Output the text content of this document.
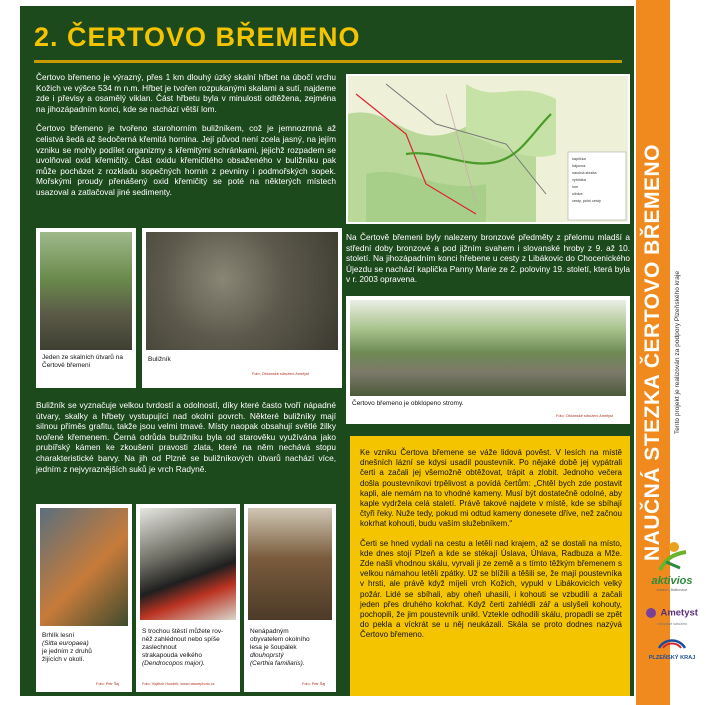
2. ČERTOVO BŘEMENO

Čertovo břemeno je výrazný, přes 1 km dlouhý úzký skalní hřbet na úbočí vrchu Kožich ve výšce 534 m n.m. Hřbet je tvořen rozpukanými skalami a sutí, najdeme zde i převisy a osamělý viklan. Část hřbetu byla v minulosti odtěžena, zejména na jihozápadním konci, kde se nachází větší lom.

Čertovo břemeno je tvořeno starohorním buližníkem, což je jemnozrnná až celistvá šedá až šedočerná křemitá hornina. Její původ není zcela jasný, na jejím vzniku se mohly podílet organizmy s křemitými schránkami, jejichž rozpadem se uvolňoval oxid křemičitý. Část oxidu křemičitého obsaženého v buližníku pak může pocházet z rozkladu sopečných hornin z pevniny i podmořských sopek. Mořskými proudy přenášený oxid křemičitý se poté na některých místech usazoval a zatlačoval jiné sedimenty.

kaplička
hájovna
naučná stezka
vyhlídka
lom
silnice
cesty, polní cesty
Jeden ze skalních útvarů na Čertově břemeni
Buližník
Foto: Občanské sdružení Ametyst

Na Čertově břemeni byly nalezeny bronzové předměty z přelomu mladší a střední doby bronzové a pod jižním svahem i slovanské hroby z 9. až 10. století. Na jihozápadním konci hřebene u cesty z Libákovic do Chocenického Újezdu se nachází kaplička Panny Marie ze 2. poloviny 19. století, která byla v r. 2003 opravena.

Čertovo břemeno je obklopeno stromy.
Foto: Občanské sdružení Ametyst

Buližník se vyznačuje velkou tvrdostí a odolností, díky které často tvoří nápadné útvary, skalky a hřbety vystupující nad okolní povrch. Některé buližníky mají silnou příměs grafitu, takže jsou velmi tmavé. Místy naopak obsahují světlé žilky tvořené křemenem. Černá odrůda buližníku byla od starověku využívána jako prubířský kámen ke zkoušení pravosti zlata, které na něm nechává stopu charakteristické barvy. Na jih od Plzně se buližníkových útvarů nachází více, jedním z nejvyraznějších suků je vrch Radyně.

Brhlík lesní
(Sitta europaea)
je jedním z druhů
žijících v okolí.
Foto: Petr Šaj
S trochou štěstí můžete rov-
něž zahlédnout nebo spíše
zaslechnout
strakapouda velkého
(Dendrocopos major).
Foto: Vojtěch Houdek, www.naturephoto.cz
Nenápadným
obyvatelem okolního
lesa je šoupálek
dlouhoprstý
(Certhia familiaris).
Foto: Petr Šaj

Ke vzniku Čertova břemene se váže lidová pověst. V lesích na místě dnešních lázní se kdysi usadil poustevník. Po nějaké době jej vypátrali čerti a začali jej všemožně obtěžovat, trápit a zlobit. Jednoho večera došla poustevníkovi trpělivost a povídá čertům: „Chtěl bych zde postavit kapli, ale nemám na to vhodné kameny. Musí být dostatečně odolné, aby kaple vydržela celá staletí. Právě takové najdete v místě, kde se sbíhají čtyři řeky. Nuže tedy, pokud mi odtud kameny donesete dříve, než začnou kokrhat kohouti, budu vaším služebníkem.“

Čerti se hned vydali na cestu a letěli nad krajem, až se dostali na místo, kde dnes stojí Plzeň a kde se stékají Úslava, Úhlava, Radbuza a Mže. Zde našli vhodnou skálu, vyrvali ji ze země a s tímto těžkým břemenem s velkou námahou letěli zpátky. Už se blížili a těšili se, že mají poustevníka v hrsti, ale právě když míjeli vrch Kožich, vypukl v Libákovicích velký požár. Lidé se sbíhali, aby oheň uhasili, i kohouti se vzbudili a začali jeden přes druhého kokrhat. Když čerti zahlédli zář a uslyšeli kohouty, pochopili, že jim poustevník unikl. Vztekle odhodili skálu, propadli se zpět do pekla a víckrát se u něj neukázali. Skála se proto dodnes nazývá Čertovo břemeno.

NAUČNÁ STEZKA ČERTOVO BŘEMENO	Tento projekt je realizován za podpory Plzeňského kraje
aktivios
zdraví Libákovice
Ametyst
občanské sdružení
PLZEŇSKÝ KRAJ
